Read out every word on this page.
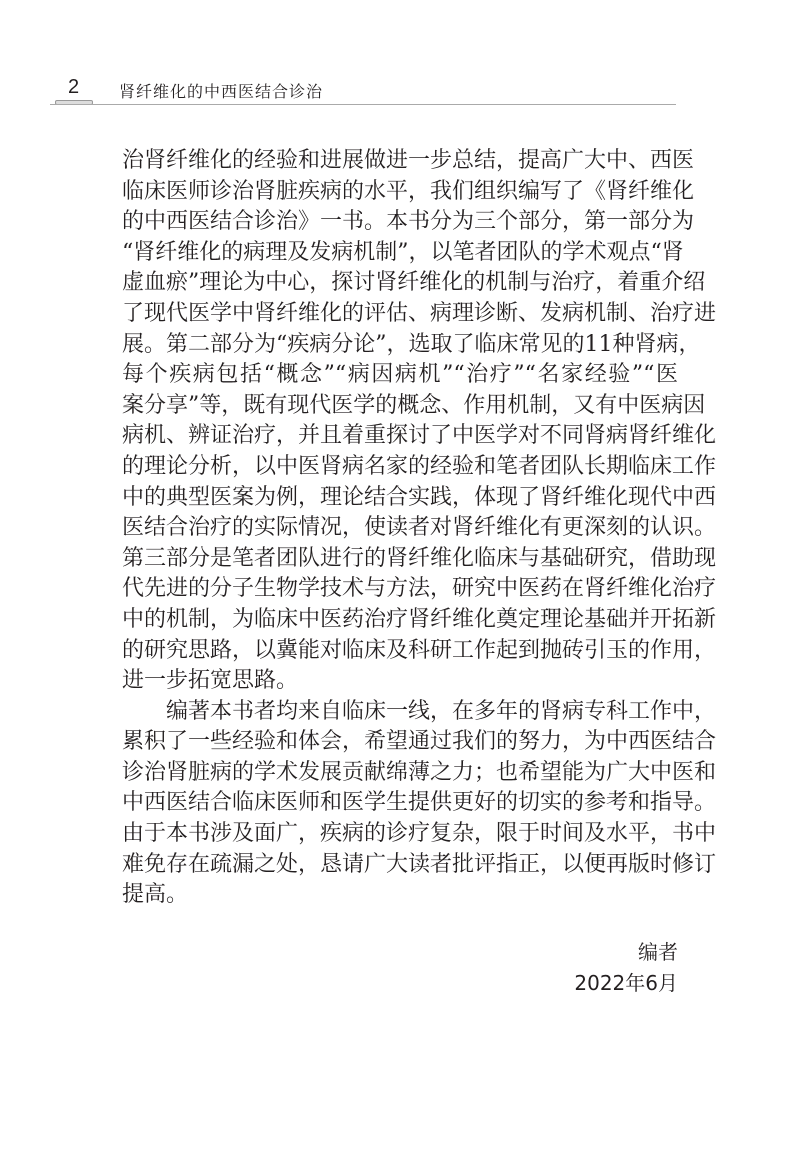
2 肾纤维化的中西医结合诊治
治肾纤维化的经验和进展做进一步总结，提高广大中、西医
临床医师诊治肾脏疾病的水平，我们组织编写了《肾纤维化
的中西医结合诊治》一书。本书分为三个部分，第一部分为
“肾纤维化的病理及发病机制”，以笔者团队的学术观点“肾
虚血瘀”理论为中心，探讨肾纤维化的机制与治疗，着重介绍
了现代医学中肾纤维化的评估、病理诊断、发病机制、治疗进
展。第二部分为“疾病分论”，选取了临床常见的11种肾病，
每个疾病包括“概念”“病因病机”“治疗”“名家经验”“医
案分享”等，既有现代医学的概念、作用机制，又有中医病因
病机、辨证治疗，并且着重探讨了中医学对不同肾病肾纤维化
的理论分析，以中医肾病名家的经验和笔者团队长期临床工作
中的典型医案为例，理论结合实践，体现了肾纤维化现代中西
医结合治疗的实际情况，使读者对肾纤维化有更深刻的认识。
第三部分是笔者团队进行的肾纤维化临床与基础研究，借助现
代先进的分子生物学技术与方法，研究中医药在肾纤维化治疗
中的机制，为临床中医药治疗肾纤维化奠定理论基础并开拓新
的研究思路，以冀能对临床及科研工作起到抛砖引玉的作用，
进一步拓宽思路。
编著本书者均来自临床一线，在多年的肾病专科工作中，
累积了一些经验和体会，希望通过我们的努力，为中西医结合
诊治肾脏病的学术发展贡献绵薄之力；也希望能为广大中医和
中西医结合临床医师和医学生提供更好的切实的参考和指导。
由于本书涉及面广，疾病的诊疗复杂，限于时间及水平，书中
难免存在疏漏之处，恳请广大读者批评指正，以便再版时修订
提高。
编者
2022年6月
